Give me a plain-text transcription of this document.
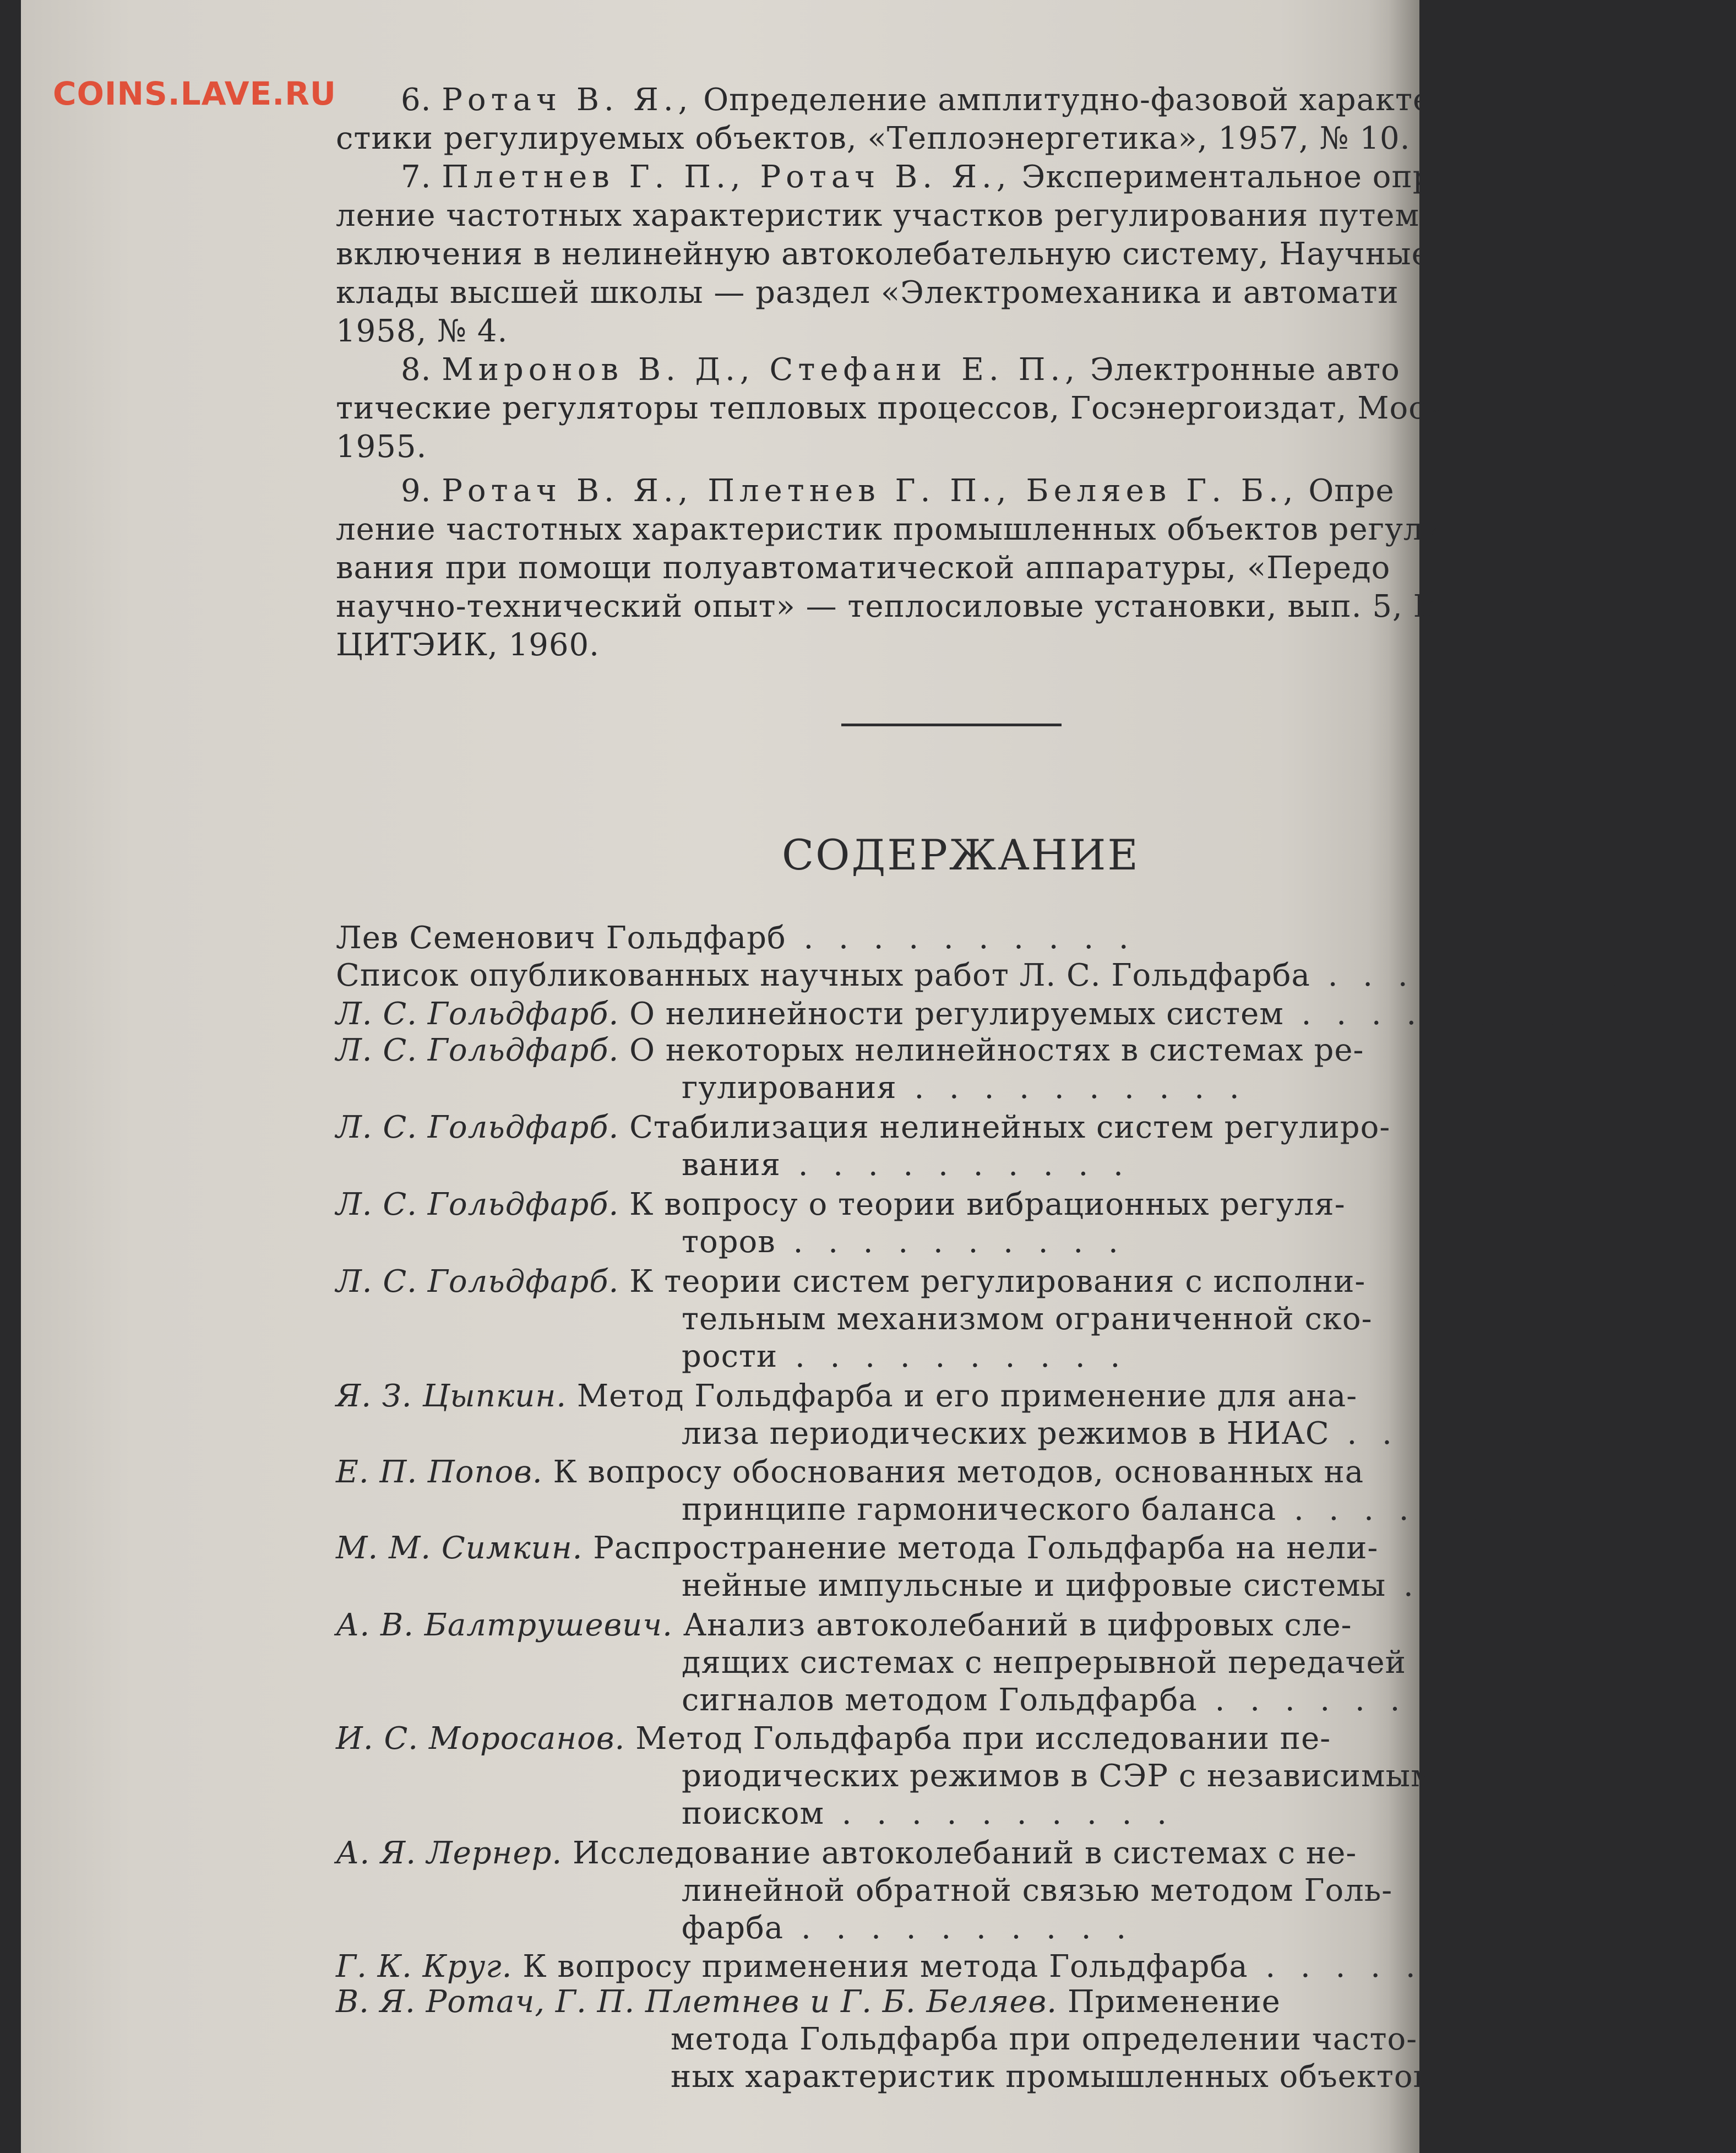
COINS.LAVE.RU 6. Ротач В. Я., Определение амплитудно-фазовой характе
стики регулируемых объектов, «Теплоэнергетика», 1957, № 10.
7. Плетнев Г. П., Ротач В. Я., Экспериментальное опре
ление частотных характеристик участков регулирования путем
включения в нелинейную автоколебательную систему, Научные
клады высшей школы — раздел «Электромеханика и автомати
1958, № 4.
8. Миронов В. Д., Стефани Е. П., Электронные авто
тические регуляторы тепловых процессов, Госэнергоиздат, Моск
1955.
9. Ротач В. Я., Плетнев Г. П., Беляев Г. Б., Опре
ление частотных характеристик промышленных объектов регули
вания при помощи полуавтоматической аппаратуры, «Передо
научно-технический опыт» — теплосиловые установки, вып. 5, И
ЦИТЭИК, 1960.
СОДЕРЖАНИЕ
Лев Семенович Гольдфарб . . . . . . . . . .
Список опубликованных научных работ Л. С. Гольдфарба . . . . . . . . . .
Л. С. Гольдфарб. О нелинейности регулируемых систем . . . . . . . . . .
Л. С. Гольдфарб. О некоторых нелинейностях в системах ре-
гулирования . . . . . . . . . .
Л. С. Гольдфарб. Стабилизация нелинейных систем регулиро-
вания . . . . . . . . . .
Л. С. Гольдфарб. К вопросу о теории вибрационных регуля-
торов . . . . . . . . . .
Л. С. Гольдфарб. К теории систем регулирования с исполни-
тельным механизмом ограниченной ско-
рости . . . . . . . . . .
Я. З. Цыпкин. Метод Гольдфарба и его применение для ана-
лиза периодических режимов в НИАС . . . . . . . . . .
Е. П. Попов. К вопросу обоснования методов, основанных на
принципе гармонического баланса . . . . . . . . . .
М. М. Симкин. Распространение метода Гольдфарба на нели-
нейные импульсные и цифровые системы . . . . . . . . . .
А. В. Балтрушевич. Анализ автоколебаний в цифровых сле-
дящих системах с непрерывной передачей
сигналов методом Гольдфарба . . . . . . . . . .
И. С. Моросанов. Метод Гольдфарба при исследовании пе-
риодических режимов в СЭР с независимым
поиском . . . . . . . . . .
А. Я. Лернер. Исследование автоколебаний в системах с не-
линейной обратной связью методом Голь-
фарба . . . . . . . . . .
Г. К. Круг. К вопросу применения метода Гольдфарба . . . . . . . . . .
В. Я. Ротач, Г. П. Плетнев и Г. Б. Беляев. Применение
метода Гольдфарба при определении часто-
ных характеристик промышленных объектов
